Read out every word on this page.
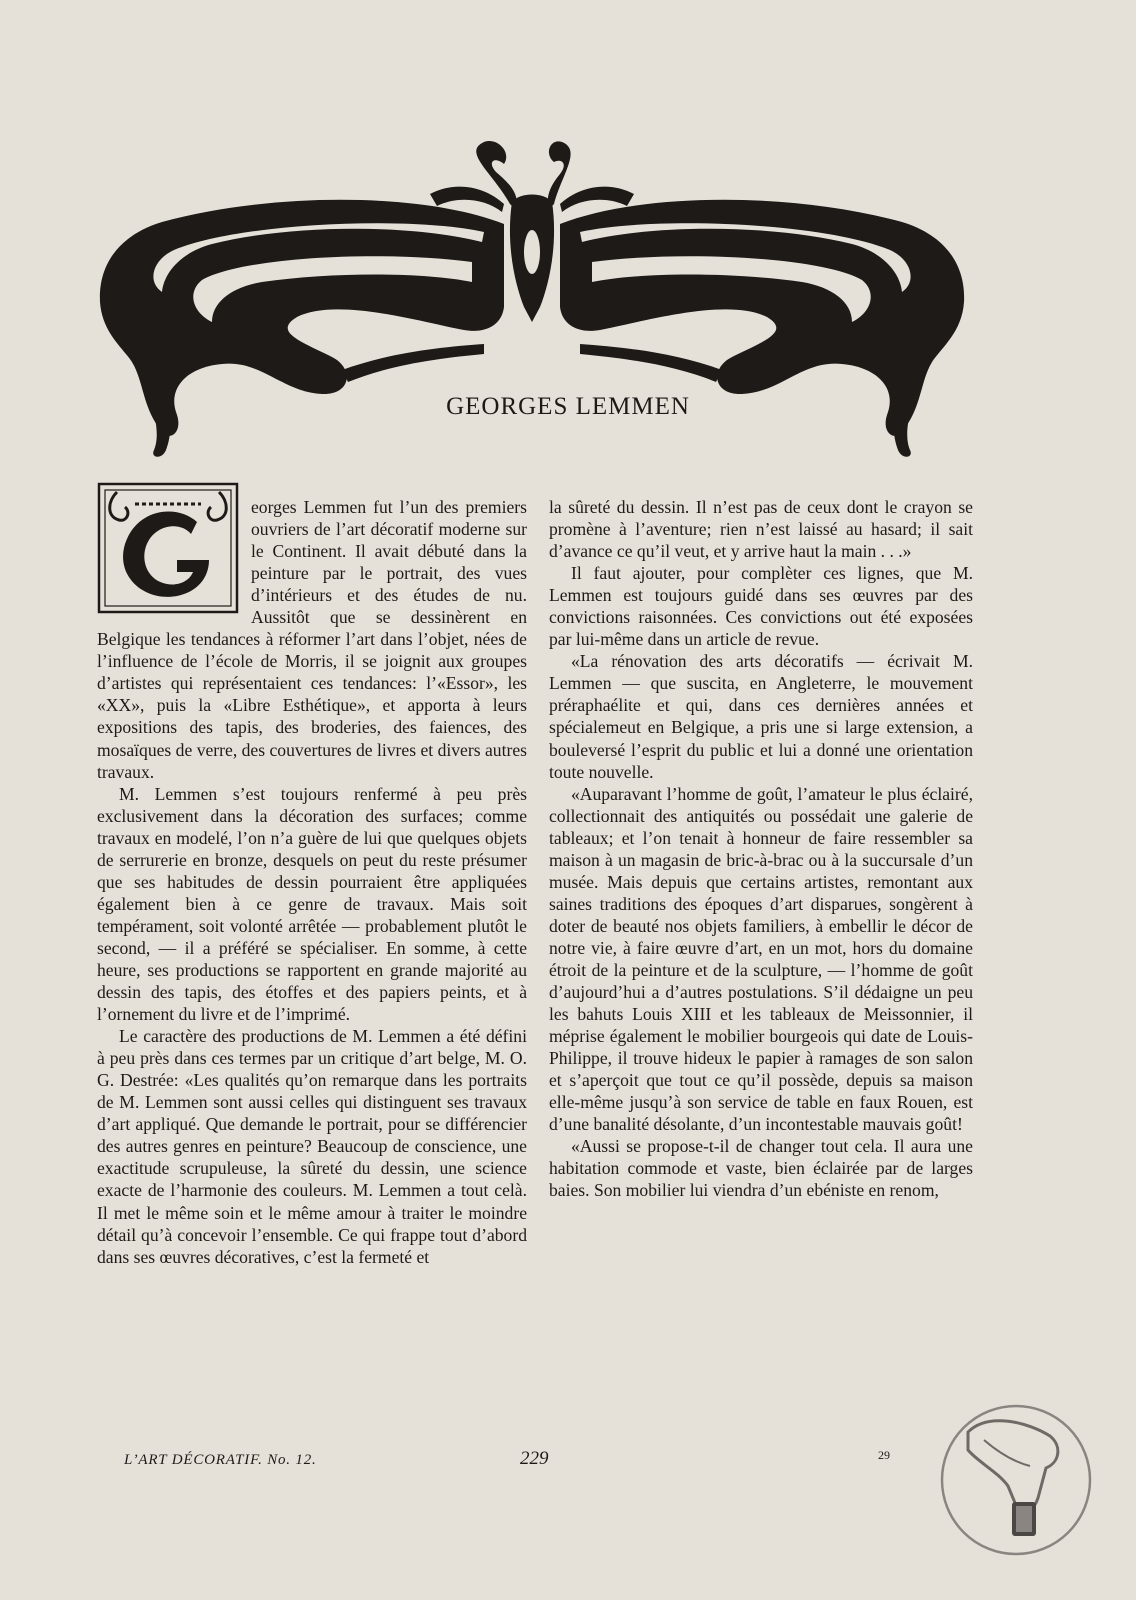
GEORGES LEMMEN

eorges Lemmen fut l’un des premiers ouvriers de l’art décoratif moderne sur le Continent. Il avait débuté dans la peinture par le portrait, des vues d’intérieurs et des études de nu. Aussitôt que se dessinèrent en Belgique les tendances à réformer l’art dans l’objet, nées de l’influence de l’école de Morris, il se joignit aux groupes d’artistes qui représentaient ces tendances: l’«Essor», les «XX», puis la «Libre Esthétique», et apporta à leurs expositions des tapis, des broderies, des faiences, des mosaïques de verre, des couvertures de livres et divers autres travaux.

M. Lemmen s’est toujours renfermé à peu près exclusivement dans la décoration des surfaces; comme travaux en modelé, l’on n’a guère de lui que quelques objets de serrurerie en bronze, desquels on peut du reste présumer que ses habitudes de dessin pourraient être appliquées également bien à ce genre de travaux. Mais soit tempérament, soit volonté arrêtée — probablement plutôt le second, — il a préféré se spécialiser. En somme, à cette heure, ses productions se rapportent en grande majorité au dessin des tapis, des étoffes et des papiers peints, et à l’ornement du livre et de l’imprimé.

Le caractère des productions de M. Lemmen a été défini à peu près dans ces termes par un critique d’art belge, M. O. G. Destrée: «Les qualités qu’on remarque dans les portraits de M. Lemmen sont aussi celles qui distinguent ses travaux d’art appliqué. Que demande le portrait, pour se différencier des autres genres en peinture? Beaucoup de conscience, une exactitude scrupuleuse, la sûreté du dessin, une science exacte de l’harmonie des couleurs. M. Lemmen a tout celà. Il met le même soin et le même amour à traiter le moindre détail qu’à concevoir l’ensemble. Ce qui frappe tout d’abord dans ses œuvres décoratives, c’est la fermeté et

la sûreté du dessin. Il n’est pas de ceux dont le crayon se promène à l’aventure; rien n’est laissé au hasard; il sait d’avance ce qu’il veut, et y arrive haut la main . . .»

Il faut ajouter, pour complèter ces lignes, que M. Lemmen est toujours guidé dans ses œuvres par des convictions raisonnées. Ces convictions out été exposées par lui-même dans un article de revue.

«La rénovation des arts décoratifs — écrivait M. Lemmen — que suscita, en Angleterre, le mouvement préraphaélite et qui, dans ces dernières années et spécialemeut en Belgique, a pris une si large extension, a bouleversé l’esprit du public et lui a donné une orientation toute nouvelle.

«Auparavant l’homme de goût, l’amateur le plus éclairé, collectionnait des antiquités ou possédait une galerie de tableaux; et l’on tenait à honneur de faire ressembler sa maison à un magasin de bric-à-brac ou à la succursale d’un musée. Mais depuis que certains artistes, remontant aux saines traditions des époques d’art disparues, songèrent à doter de beauté nos objets familiers, à embellir le décor de notre vie, à faire œuvre d’art, en un mot, hors du domaine étroit de la peinture et de la sculpture, — l’homme de goût d’aujourd’hui a d’autres postulations. S’il dédaigne un peu les bahuts Louis XIII et les tableaux de Meissonnier, il méprise également le mobilier bourgeois qui date de Louis-Philippe, il trouve hideux le papier à ramages de son salon et s’aperçoit que tout ce qu’il possède, depuis sa maison elle-même jusqu’à son service de table en faux Rouen, est d’une banalité désolante, d’un incontestable mauvais goût!

«Aussi se propose-t-il de changer tout cela. Il aura une habitation commode et vaste, bien éclairée par de larges baies. Son mobilier lui viendra d’un ebéniste en renom,

L’ART DÉCORATIF. No. 12.	229	29
